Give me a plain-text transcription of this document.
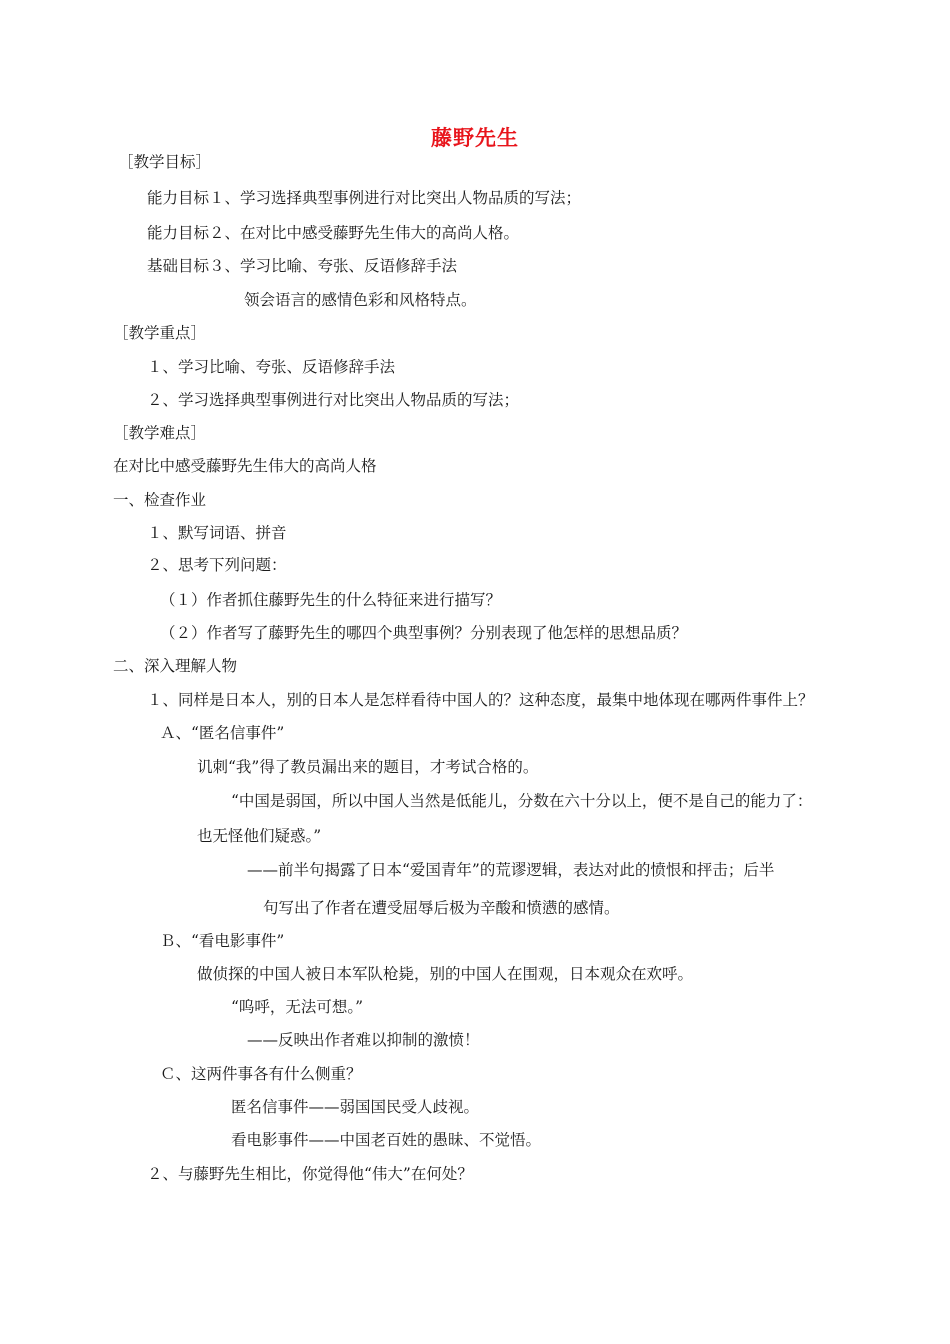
藤野先生
［教学目标］
能力目标１、学习选择典型事例进行对比突出人物品质的写法；
能力目标２、在对比中感受藤野先生伟大的高尚人格。
基础目标３、学习比喻、夸张、反语修辞手法
领会语言的感情色彩和风格特点。
［教学重点］
１、学习比喻、夸张、反语修辞手法
２、学习选择典型事例进行对比突出人物品质的写法；
［教学难点］
在对比中感受藤野先生伟大的高尚人格
一、检查作业
１、默写词语、拼音
２、思考下列问题：
（１）作者抓住藤野先生的什么特征来进行描写？
（２）作者写了藤野先生的哪四个典型事例？分别表现了他怎样的思想品质？
二、深入理解人物
１、同样是日本人，别的日本人是怎样看待中国人的？这种态度，最集中地体现在哪两件事件上？
Ａ、“匿名信事件”
讥刺“我”得了教员漏出来的题目，才考试合格的。
“中国是弱国，所以中国人当然是低能儿，分数在六十分以上，便不是自己的能力了：
也无怪他们疑惑。”
——前半句揭露了日本“爱国青年”的荒谬逻辑，表达对此的愤恨和抨击；后半
句写出了作者在遭受屈辱后极为辛酸和愤懑的感情。
Ｂ、“看电影事件”
做侦探的中国人被日本军队枪毙，别的中国人在围观，日本观众在欢呼。
“呜呼，无法可想。”
——反映出作者难以抑制的激愤！
Ｃ、这两件事各有什么侧重？
匿名信事件——弱国国民受人歧视。
看电影事件——中国老百姓的愚昧、不觉悟。
２、与藤野先生相比，你觉得他“伟大”在何处？
